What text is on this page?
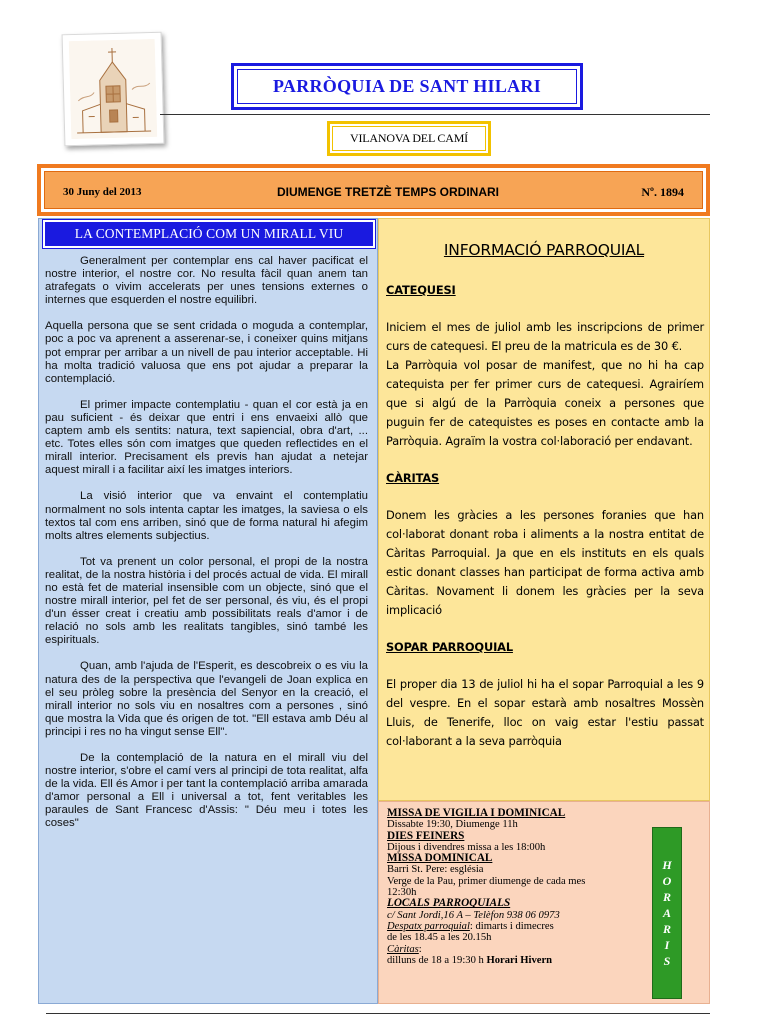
PARRÒQUIA DE SANT HILARI
VILANOVA DEL CAMÍ
30 Juny del 2013	DIUMENGE TRETZÈ TEMPS ORDINARI	Nº. 1894
LA CONTEMPLACIÓ COM UN MIRALL VIU

Generalment per contemplar ens cal haver pacificat el nostre interior, el nostre cor. No resulta fàcil quan anem tan atrafegats o vivim accelerats per unes tensions externes o internes que esquerden el nostre equilibri.

Aquella persona que se sent cridada o moguda a contemplar, poc a poc va aprenent a asserenar-se, i coneixer quins mitjans pot emprar per arribar a un nivell de pau interior acceptable. Hi ha molta tradició valuosa que ens pot ajudar a preparar la contemplació.

El primer impacte contemplatiu - quan el cor està ja en pau suficient - és deixar que entri i ens envaeixi allò que captem amb els sentits: natura, text sapiencial, obra d'art, ... etc. Totes elles són com imatges que queden reflectides en el mirall interior. Precisament els previs han ajudat a netejar aquest mirall i a facilitar així les imatges interiors.

La visió interior que va envaint el contemplatiu normalment no sols intenta captar les imatges, la saviesa o els textos tal com ens arriben, sinó que de forma natural hi afegim molts altres elements subjectius.

Tot va prenent un color personal, el propi de la nostra realitat, de la nostra història i del procés actual de vida. El mirall no està fet de material insensible com un objecte, sinó que el nostre mirall interior, pel fet de ser personal, és viu, és el propi d'un ésser creat i creatiu amb possibilitats reals d'amor i de relació no sols amb les realitats tangibles, sinó també les espirituals.

Quan, amb l'ajuda de l'Esperit, es descobreix o es viu la natura des de la perspectiva que l'evangeli de Joan explica en el seu pròleg sobre la presència del Senyor en la creació, el mirall interior no sols viu en nosaltres com a persones , sinó que mostra la Vida que és origen de tot. "Ell estava amb Déu al principi i res no ha vingut sense Ell".

De la contemplació de la natura en el mirall viu del nostre interior, s'obre el camí vers al principi de tota realitat, alfa de la vida. Ell és Amor i per tant la contemplació arriba amarada d'amor personal a Ell i universal a tot, fent veritables les paraules de Sant Francesc d'Assis: " Déu meu i totes les coses"

INFORMACIÓ PARROQUIAL
CATEQUESI

Iniciem el mes de juliol amb les inscripcions de primer curs de catequesi. El preu de la matricula es de 30 €.

La Parròquia vol posar de manifest, que no hi ha cap catequista per fer primer curs de catequesi. Agrairíem que si algú de la Parròquia coneix a persones que puguin fer de catequistes es poses en contacte amb la Parròquia. Agraïm la vostra col·laboració per endavant.

CÀRITAS

Donem les gràcies a les persones foranies que han col·laborat donant roba i aliments a la nostra entitat de Càritas Parroquial. Ja que en els instituts en els quals estic donant classes han participat de forma activa amb Càritas. Novament li donem les gràcies per la seva implicació

SOPAR PARROQUIAL

El proper dia 13 de juliol hi ha el sopar Parroquial a les 9 del vespre. En el sopar estarà amb nosaltres Mossèn Lluis, de Tenerife, lloc on vaig estar l'estiu passat col·laborant a la seva parròquia

MISSA DE VIGILIA I DOMINICAL
Dissabte 19:30, Diumenge 11h
DIES FEINERS
Dijous i divendres missa a les 18:00h
MISSA DOMINICAL
Barri St. Pere: església
Verge de la Pau, primer diumenge de cada mes
12:30h
LOCALS PARROQUIALS
c/ Sant Jordi,16 A – Telèfon 938 06 0973
Despatx parroquial: dimarts i dimecres
de les 18.45 a les 20.15h
Càritas:
dilluns de 18 a 19:30 h Horari Hivern
H
O
R
A
R
I
S
